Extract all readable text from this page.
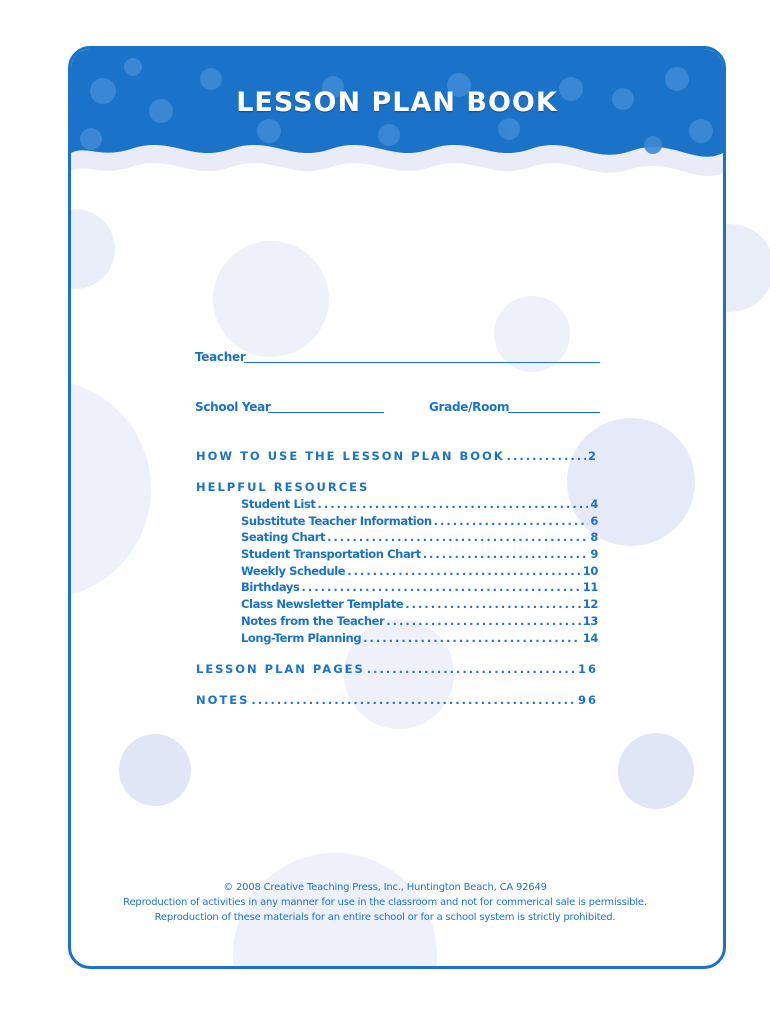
LESSON PLAN BOOK
Teacher
School Year	Grade/Room
HOW TO USE THE LESSON PLAN BOOK . . .	2
HELPFUL RESOURCES
Student List . . .	4
Substitute Teacher Information . . .	6
Seating Chart . . .	8
Student Transportation Chart . . .	9
Weekly Schedule . . .	10
Birthdays . . .	11
Class Newsletter Template . . .	12
Notes from the Teacher . . .	13
Long-Term Planning . . .	14
LESSON PLAN PAGES . . .	16
NOTES . . .	96
© 2008 Creative Teaching Press, Inc., Huntington Beach, CA 92649
Reproduction of activities in any manner for use in the classroom and not for commerical sale is permissible.
Reproduction of these materials for an entire school or for a school system is strictly prohibited.
